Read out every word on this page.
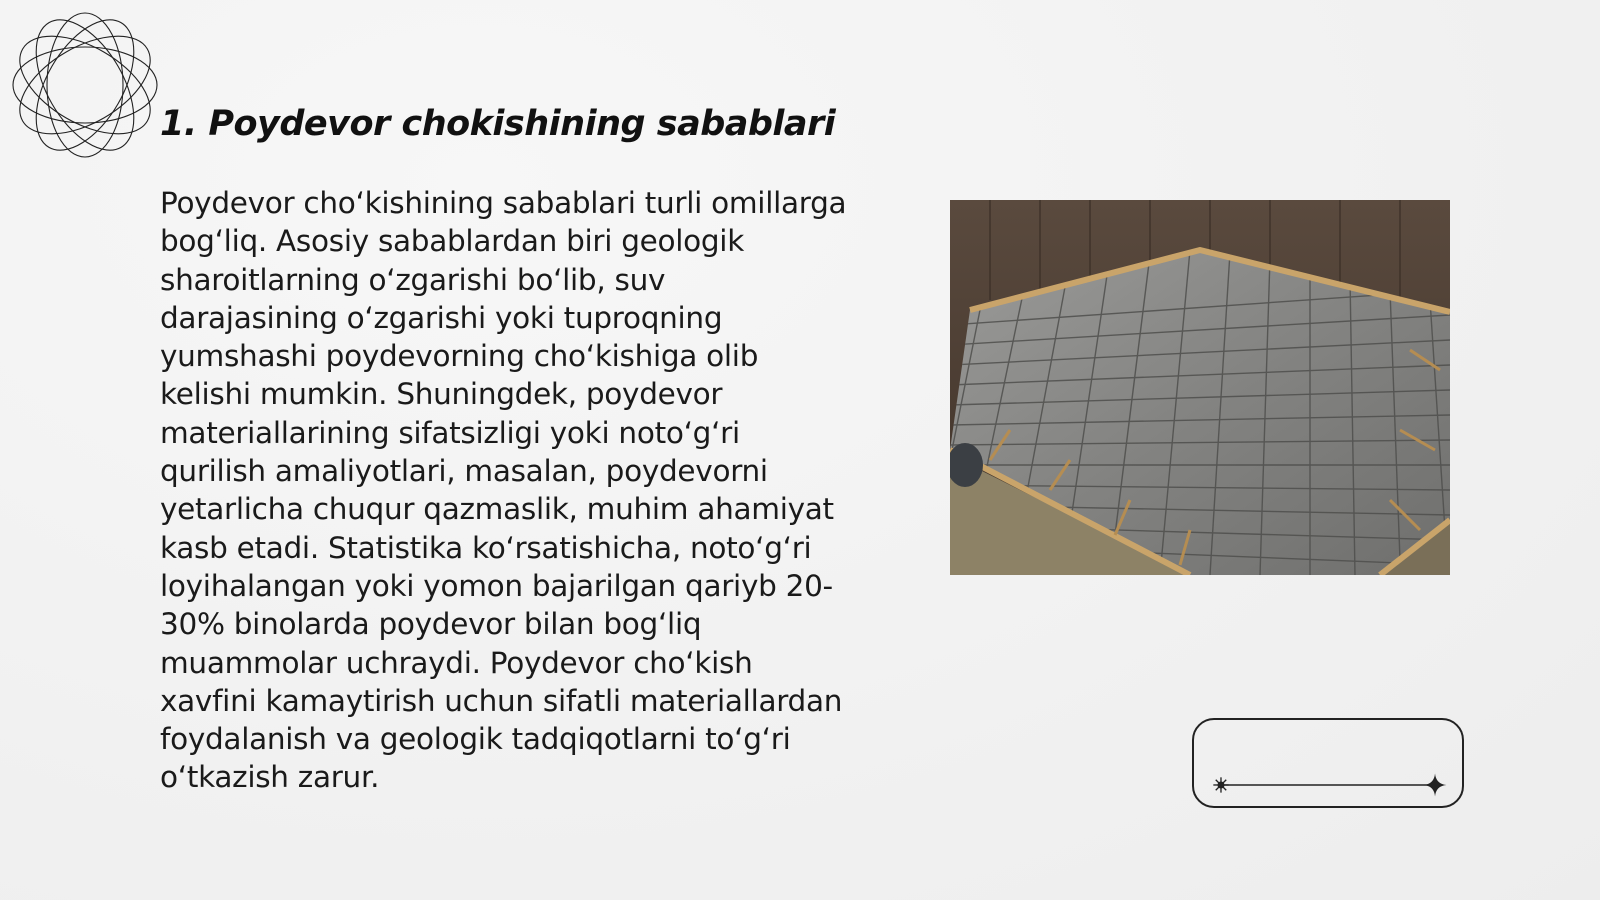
1. Poydevor chokishining sabablari

Poydevor cho‘kishining sabablari turli omillarga bog‘liq. Asosiy sabablardan biri geologik sharoitlarning o‘zgarishi bo‘lib, suv darajasining o‘zgarishi yoki tuproqning yumshashi poydevorning cho‘kishiga olib kelishi mumkin. Shuningdek, poydevor materiallarining sifatsizligi yoki noto‘g‘ri qurilish amaliyotlari, masalan, poydevorni yetarlicha chuqur qazmaslik, muhim ahamiyat kasb etadi. Statistika ko‘rsatishicha, noto‘g‘ri loyihalangan yoki yomon bajarilgan qariyb 20-30% binolarda poydevor bilan bog‘liq muammolar uchraydi. Poydevor cho‘kish xavfini kamaytirish uchun sifatli materiallardan foydalanish va geologik tadqiqotlarni to‘g‘ri o‘tkazish zarur.
